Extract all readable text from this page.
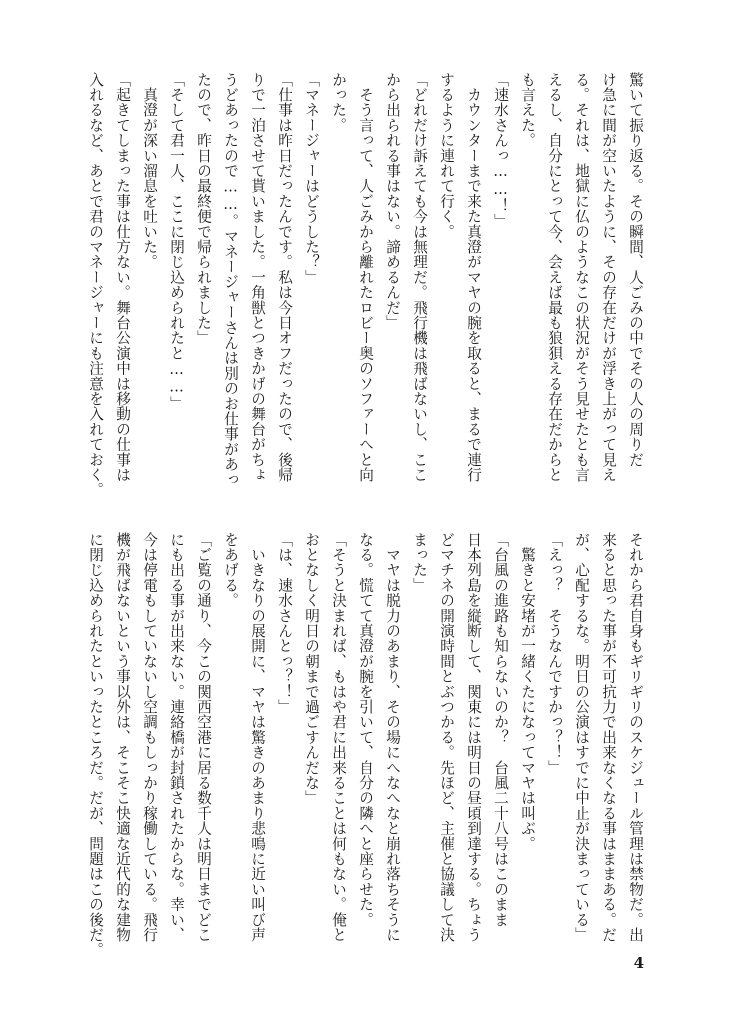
驚いて振り返る。その瞬間、人ごみの中でその人の周りだ
け急に間が空いたように、その存在だけが浮き上がって見え
る。それは、地獄に仏のようなこの状況がそう見せたとも言
えるし、自分にとって今、会えば最も狼狽える存在だからと
も言えた。
「速水さんっ……！」
　カウンターまで来た真澄がマヤの腕を取ると、まるで連行
するように連れて行く。
「どれだけ訴えても今は無理だ。飛行機は飛ばないし、ここ
から出られる事はない。諦めるんだ」
　そう言って、人ごみから離れたロビー奥のソファーへと向
かった。
「マネージャーはどうした？」
「仕事は昨日だったんです。私は今日オフだったので、後帰
りで一泊させて貰いました。一角獣とつきかげの舞台がちょ
うどあったので……。マネージャーさんは別のお仕事があっ
たので、昨日の最終便で帰られました」
「そして君一人、ここに閉じ込められたと……」
　真澄が深い溜息を吐いた。
「起きてしまった事は仕方ない。舞台公演中は移動の仕事は
入れるなど、あとで君のマネージャーにも注意を入れておく。
それから君自身もギリギリのスケジュール管理は禁物だ。出
来ると思った事が不可抗力で出来なくなる事はままある。だ
が、心配するな。明日の公演はすでに中止が決まっている」
「えっ？　そうなんですかっ？！」
　驚きと安堵が一緒くたになってマヤは叫ぶ。
「台風の進路も知らないのか？　台風二十八号はこのまま
日本列島を縦断して、関東には明日の昼頃到達する。ちょう
どマチネの開演時間とぶつかる。先ほど、主催と協議して決
まった」
　マヤは脱力のあまり、その場にへなへなと崩れ落ちそうに
なる。慌てて真澄が腕を引いて、自分の隣へと座らせた。
「そうと決まれば、もはや君に出来ることは何もない。俺と
おとなしく明日の朝まで過ごすんだな」
「は、速水さんとっ？！」
　いきなりの展開に、マヤは驚きのあまり悲鳴に近い叫び声
をあげる。
「ご覧の通り、今この関西空港に居る数千人は明日までどこ
にも出る事が出来ない。連絡橋が封鎖されたからな。幸い、
今は停電もしていないし空調もしっかり稼働している。飛行
機が飛ばないという事以外は、そこそこ快適な近代的な建物
に閉じ込められたといったところだ。だが、問題はこの後だ。
4
